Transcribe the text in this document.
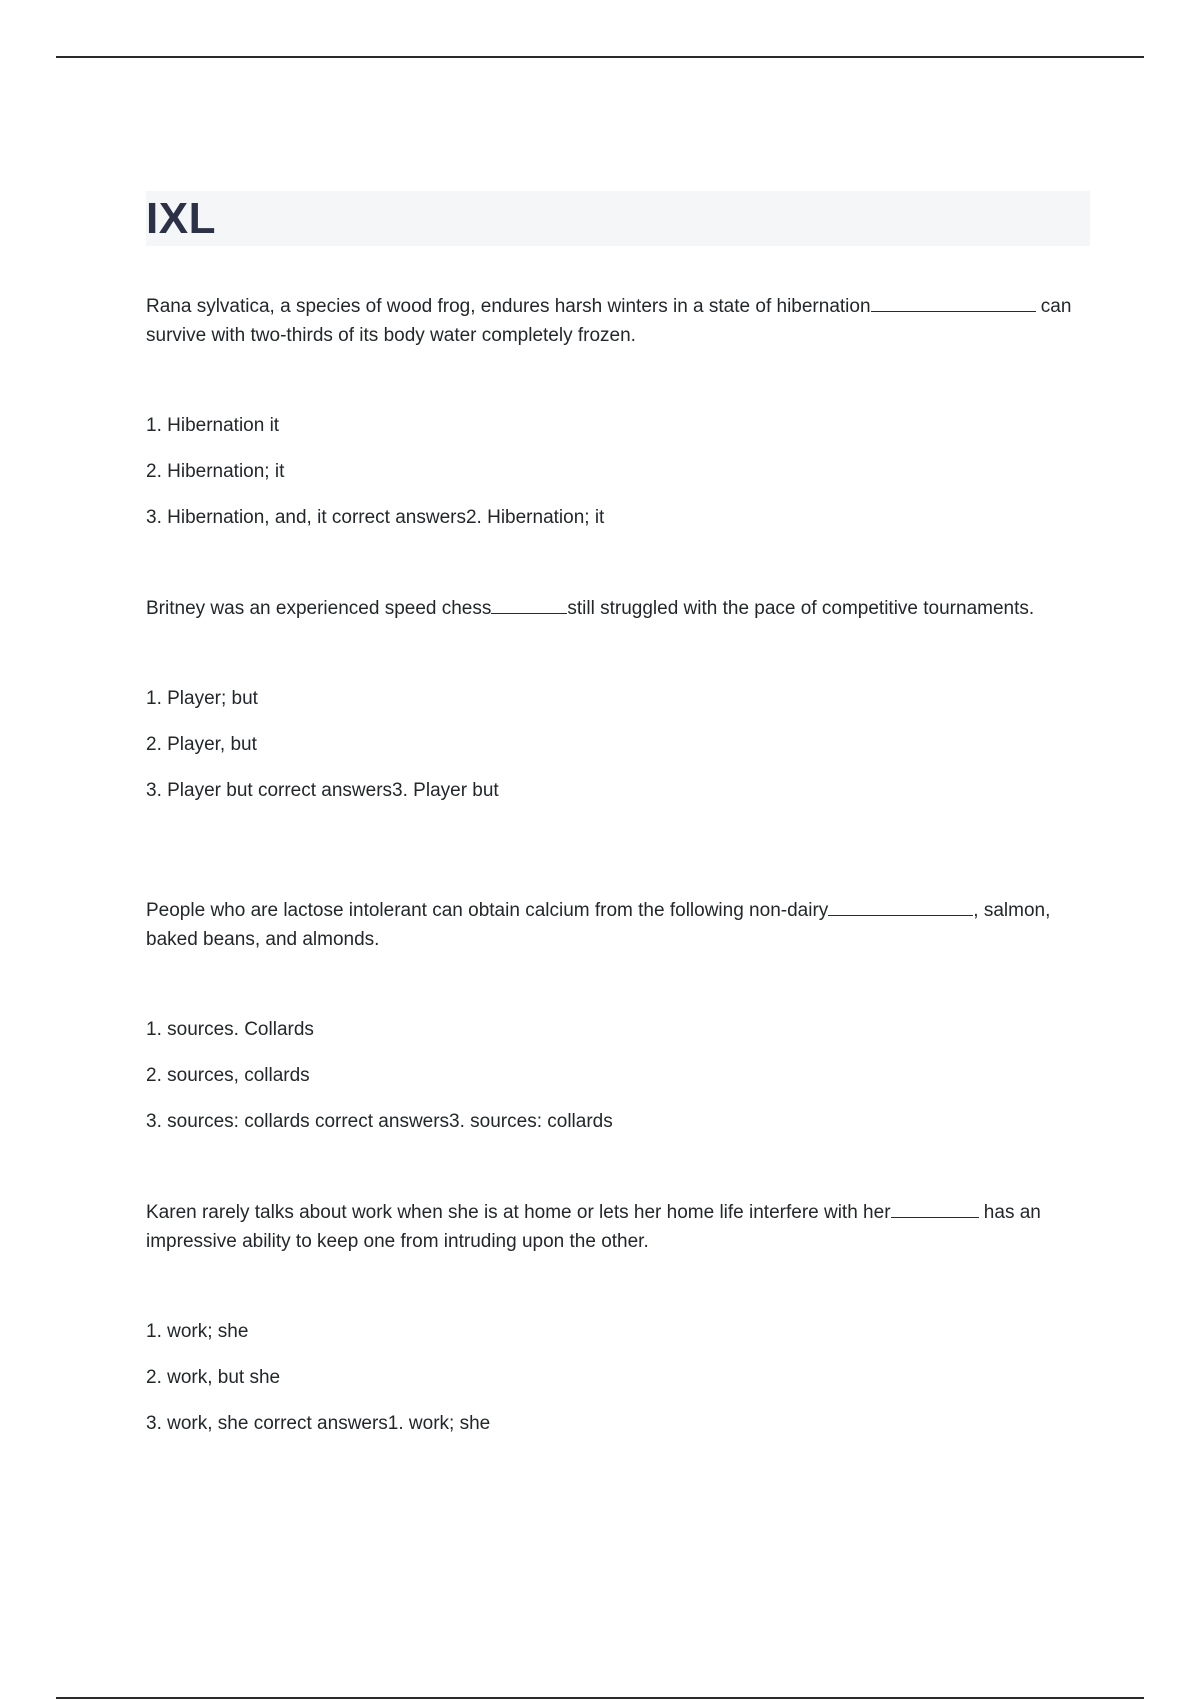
IXL

Rana sylvatica, a species of wood frog, endures harsh winters in a state of hibernation	can survive with two-thirds of its body water completely frozen.

1. Hibernation it
2. Hibernation; it
3. Hibernation, and, it correct answers2. Hibernation; it

Britney was an experienced speed chess	still struggled with the pace of competitive tournaments.

1. Player; but
2. Player, but
3. Player but correct answers3. Player but

People who are lactose intolerant can obtain calcium from the following non-dairy	, salmon, baked beans, and almonds.

1. sources. Collards
2. sources, collards
3. sources: collards correct answers3. sources: collards

Karen rarely talks about work when she is at home or lets her home life interfere with her	has an impressive ability to keep one from intruding upon the other.

1. work; she
2. work, but she
3. work, she correct answers1. work; she
